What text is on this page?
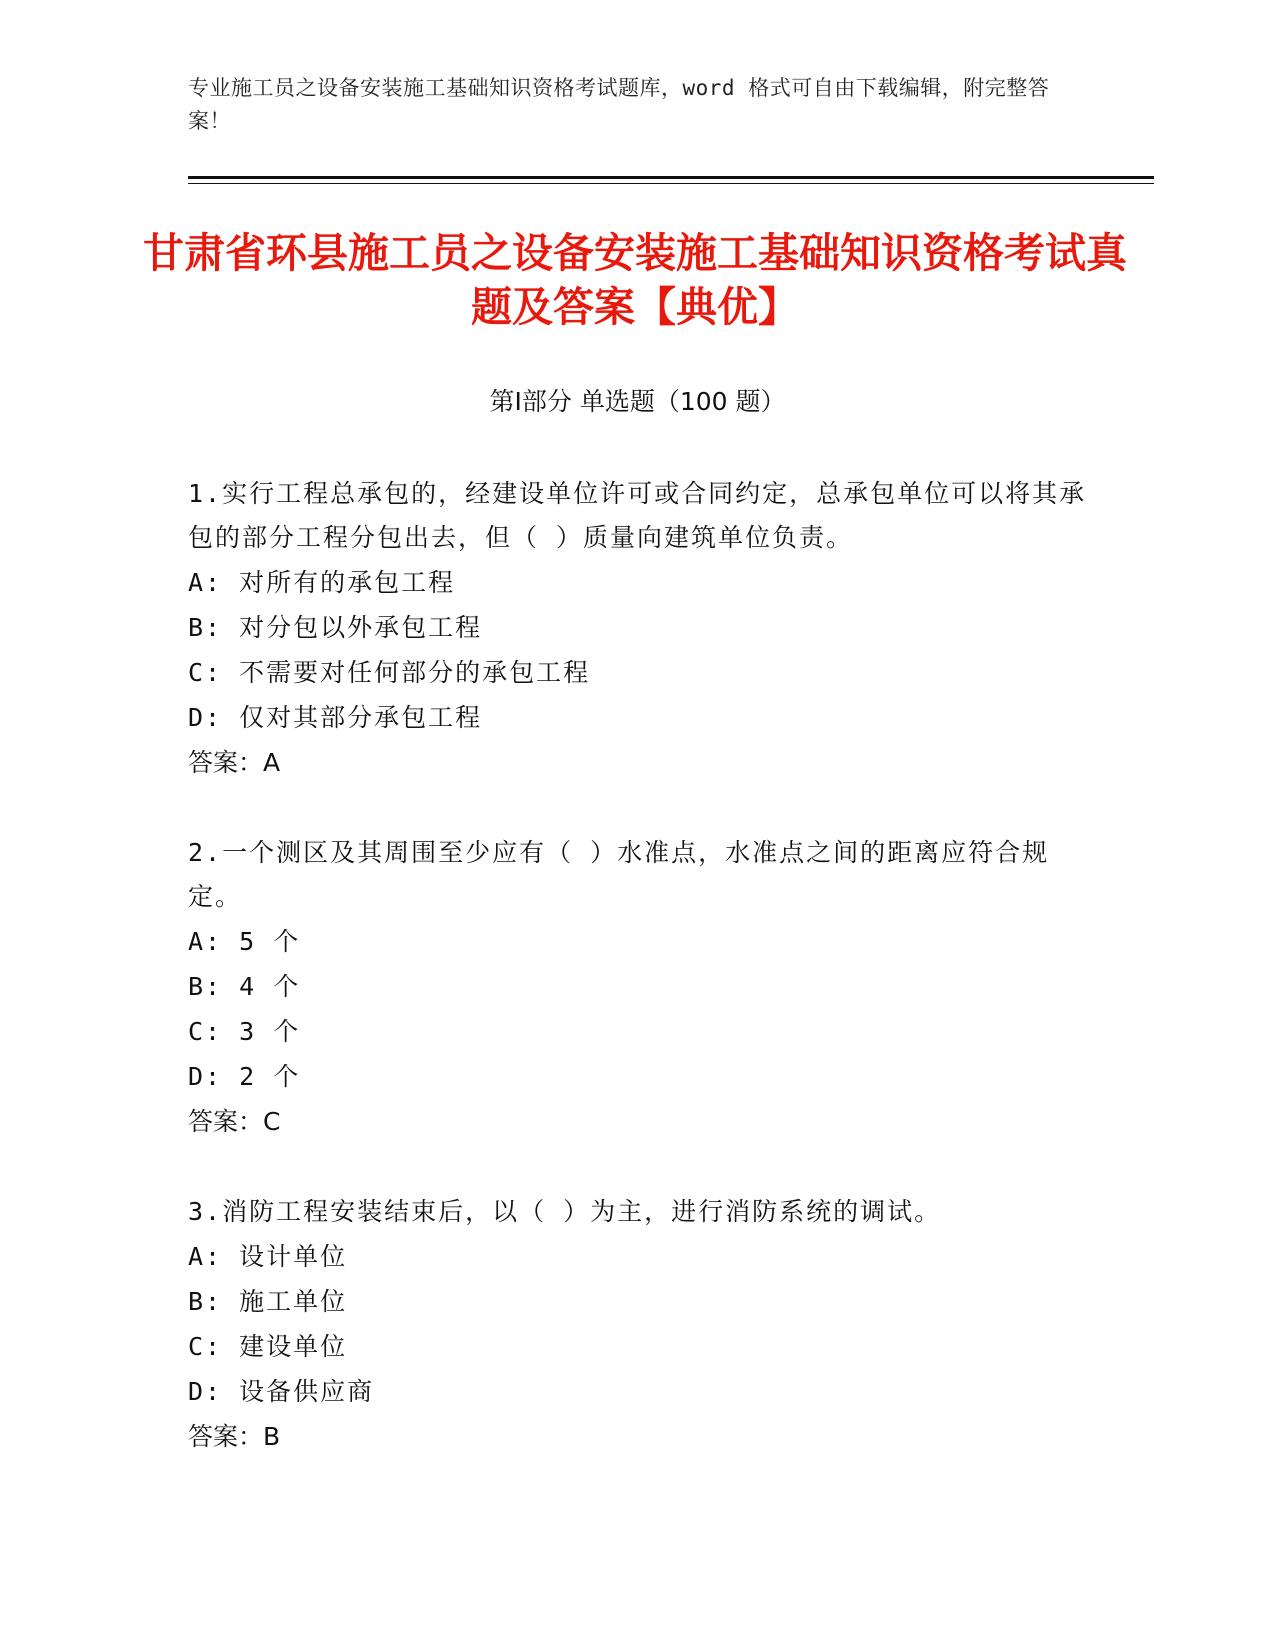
专业施工员之设备安装施工基础知识资格考试题库，word 格式可自由下载编辑，附完整答案！
甘肃省环县施工员之设备安装施工基础知识资格考试真题及答案【典优】
第Ⅰ部分 单选题（100 题）
1.实行工程总承包的，经建设单位许可或合同约定，总承包单位可以将其承包的部分工程分包出去，但（ ）质量向建筑单位负责。
A: 对所有的承包工程
B: 对分包以外承包工程
C: 不需要对任何部分的承包工程
D: 仅对其部分承包工程
答案：A
2.一个测区及其周围至少应有（ ）水准点，水准点之间的距离应符合规定。
A: 5 个
B: 4 个
C: 3 个
D: 2 个
答案：C
3.消防工程安装结束后，以（ ）为主，进行消防系统的调试。
A: 设计单位
B: 施工单位
C: 建设单位
D: 设备供应商
答案：B
